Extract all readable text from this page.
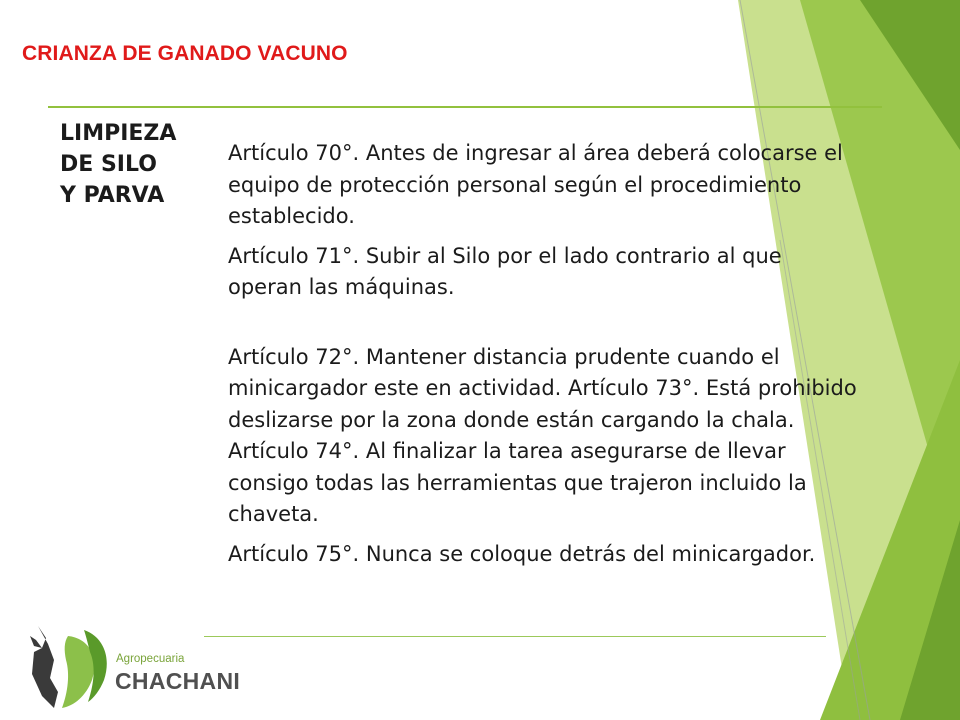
CRIANZA DE GANADO VACUNO
LIMPIEZA
DE SILO
Y PARVA

Artículo 70°. Antes de ingresar al área deberá colocarse el equipo de protección personal según el procedimiento establecido.

Artículo 71°. Subir al Silo por el lado contrario al que operan las máquinas.

Artículo 72°. Mantener distancia prudente cuando el minicargador este en actividad. Artículo 73°. Está prohibido deslizarse por la zona donde están cargando la chala. Artículo 74°. Al finalizar la tarea asegurarse de llevar consigo todas las herramientas que trajeron incluido la chaveta.

Artículo 75°. Nunca se coloque detrás del minicargador.

Agropecuaria
CHACHANI
